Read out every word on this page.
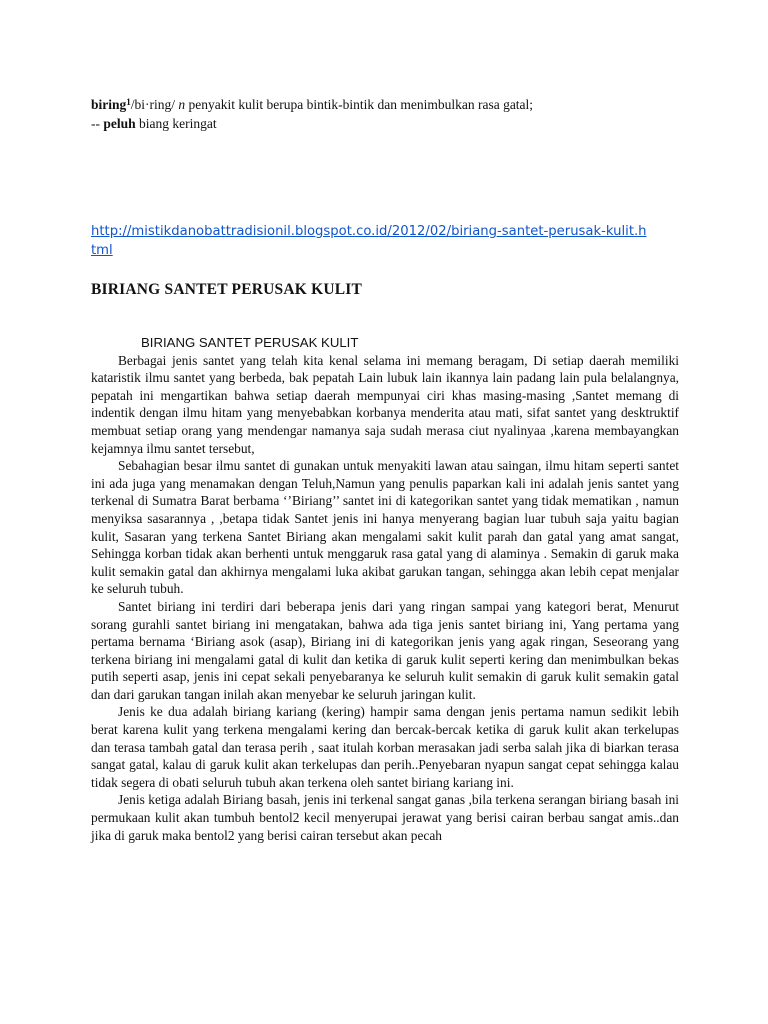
biring$^1$/bi·ring/ n penyakit kulit berupa bintik-bintik dan menimbulkan rasa gatal;
-- peluh biang keringat
http://mistikdanobattradisionil.blogspot.co.id/2012/02/biriang-santet-perusak-kulit.html
BIRIANG SANTET PERUSAK KULIT
BIRIANG SANTET PERUSAK KULIT

Berbagai jenis santet yang telah kita kenal selama ini memang beragam, Di setiap daerah memiliki kataristik ilmu santet yang berbeda, bak pepatah Lain lubuk lain ikannya lain padang lain pula belalangnya, pepatah ini mengartikan bahwa setiap daerah mempunyai ciri khas masing-masing ,Santet memang di indentik dengan ilmu hitam yang menyebabkan korbanya menderita atau mati, sifat santet yang desktruktif membuat setiap orang yang mendengar namanya saja sudah merasa ciut nyalinyaa ,karena membayangkan kejamnya ilmu santet tersebut,

Sebahagian besar ilmu santet di gunakan untuk menyakiti lawan atau saingan, ilmu hitam seperti santet ini ada juga yang menamakan dengan Teluh,Namun yang penulis paparkan kali ini adalah jenis santet yang terkenal di Sumatra Barat berbama ‘’Biriang’’ santet ini di kategorikan santet yang tidak mematikan , namun menyiksa sasarannya , ,betapa tidak Santet jenis ini hanya menyerang bagian luar tubuh saja yaitu bagian kulit, Sasaran yang terkena Santet Biriang akan mengalami sakit kulit parah dan gatal yang amat sangat, Sehingga korban tidak akan berhenti untuk menggaruk rasa gatal yang di alaminya . Semakin di garuk maka kulit semakin gatal dan akhirnya mengalami luka akibat garukan tangan, sehingga akan lebih cepat menjalar ke seluruh tubuh.

Santet biriang ini terdiri dari beberapa jenis dari yang ringan sampai yang kategori berat, Menurut sorang gurahli santet biriang ini mengatakan, bahwa ada tiga jenis santet biriang ini, Yang pertama yang pertama bernama ‘Biriang asok (asap), Biriang ini di kategorikan jenis yang agak ringan, Seseorang yang terkena biriang ini mengalami gatal di kulit dan ketika di garuk kulit seperti kering dan menimbulkan bekas putih seperti asap, jenis ini cepat sekali penyebaranya ke seluruh kulit semakin di garuk kulit semakin gatal dan dari garukan tangan inilah akan menyebar ke seluruh jaringan kulit.

Jenis ke dua adalah biriang kariang (kering) hampir sama dengan jenis pertama namun sedikit lebih berat karena kulit yang terkena mengalami kering dan bercak-bercak ketika di garuk kulit akan terkelupas dan terasa tambah gatal dan terasa perih , saat itulah korban merasakan jadi serba salah jika di biarkan terasa sangat gatal, kalau di garuk kulit akan terkelupas dan perih..Penyebaran nyapun sangat cepat sehingga kalau tidak segera di obati seluruh tubuh akan terkena oleh santet biriang kariang ini.

Jenis ketiga adalah Biriang basah, jenis ini terkenal sangat ganas ,bila terkena serangan biriang basah ini permukaan kulit akan tumbuh bentol2 kecil menyerupai jerawat yang berisi cairan berbau sangat amis..dan jika di garuk maka bentol2 yang berisi cairan tersebut akan pecah
